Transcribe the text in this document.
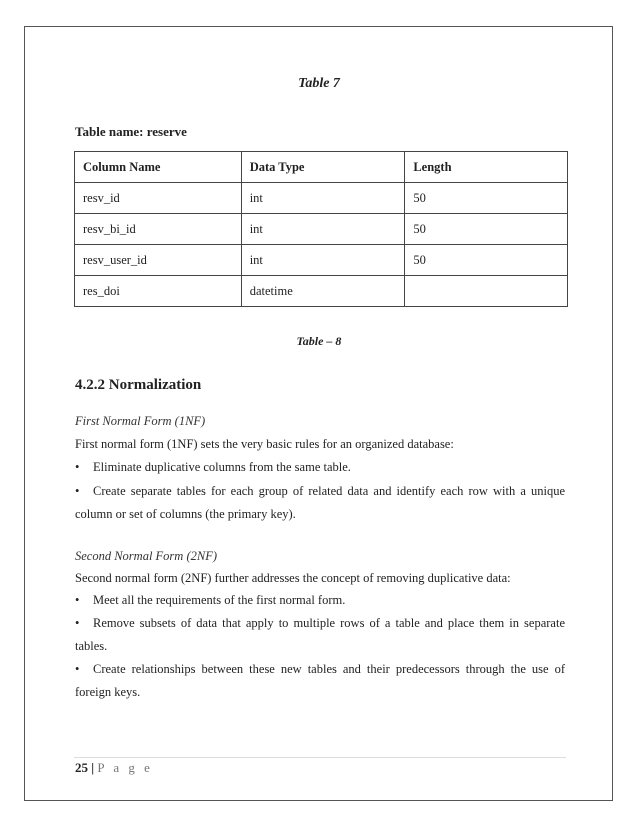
Table 7
Table name: reserve
Column Name	Data Type	Length
resv_id	int	50
resv_bi_id	int	50
resv_user_id	int	50
res_doi	datetime	
Table – 8
4.2.2 Normalization
First Normal Form (1NF)
First normal form (1NF) sets the very basic rules for an organized database:
• Eliminate duplicative columns from the same table.
• Create separate tables for each group of related data and identify each row with a unique column or set of columns (the primary key).
Second Normal Form (2NF)
Second normal form (2NF) further addresses the concept of removing duplicative data:
• Meet all the requirements of the first normal form.
• Remove subsets of data that apply to multiple rows of a table and place them in separate tables.
• Create relationships between these new tables and their predecessors through the use of foreign keys.
25 | P a g e
